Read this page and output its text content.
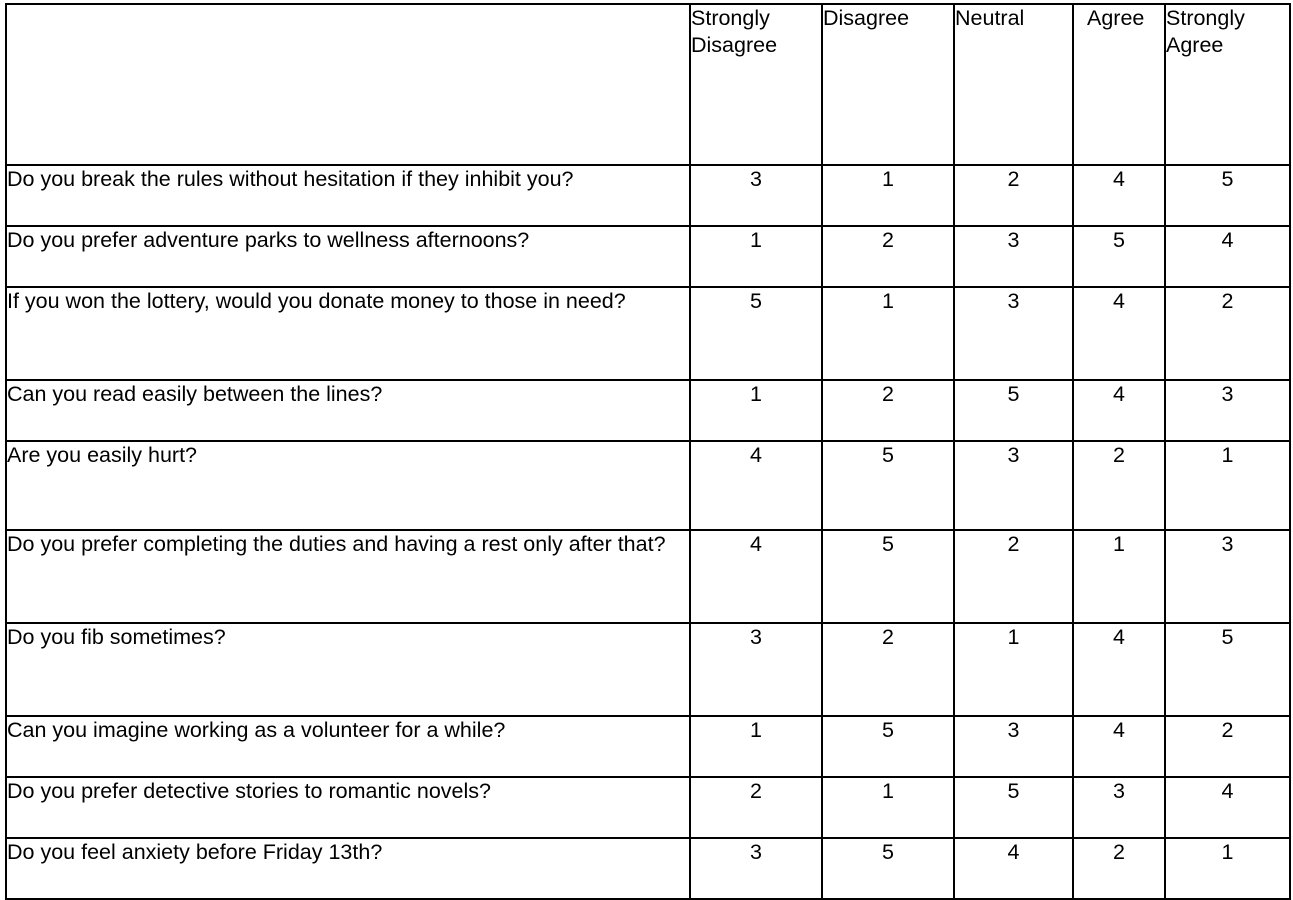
	Strongly Disagree	Disagree	Neutral	Agree	Strongly Agree
Do you break the rules without hesitation if they inhibit you?	3	1	2	4	5
Do you prefer adventure parks to wellness afternoons?	1	2	3	5	4
If you won the lottery, would you donate money to those in need?	5	1	3	4	2
Can you read easily between the lines?	1	2	5	4	3
Are you easily hurt?	4	5	3	2	1
Do you prefer completing the duties and having a rest only after that?	4	5	2	1	3
Do you fib sometimes?	3	2	1	4	5
Can you imagine working as a volunteer for a while?	1	5	3	4	2
Do you prefer detective stories to romantic novels?	2	1	5	3	4
Do you feel anxiety before Friday 13th?	3	5	4	2	1
